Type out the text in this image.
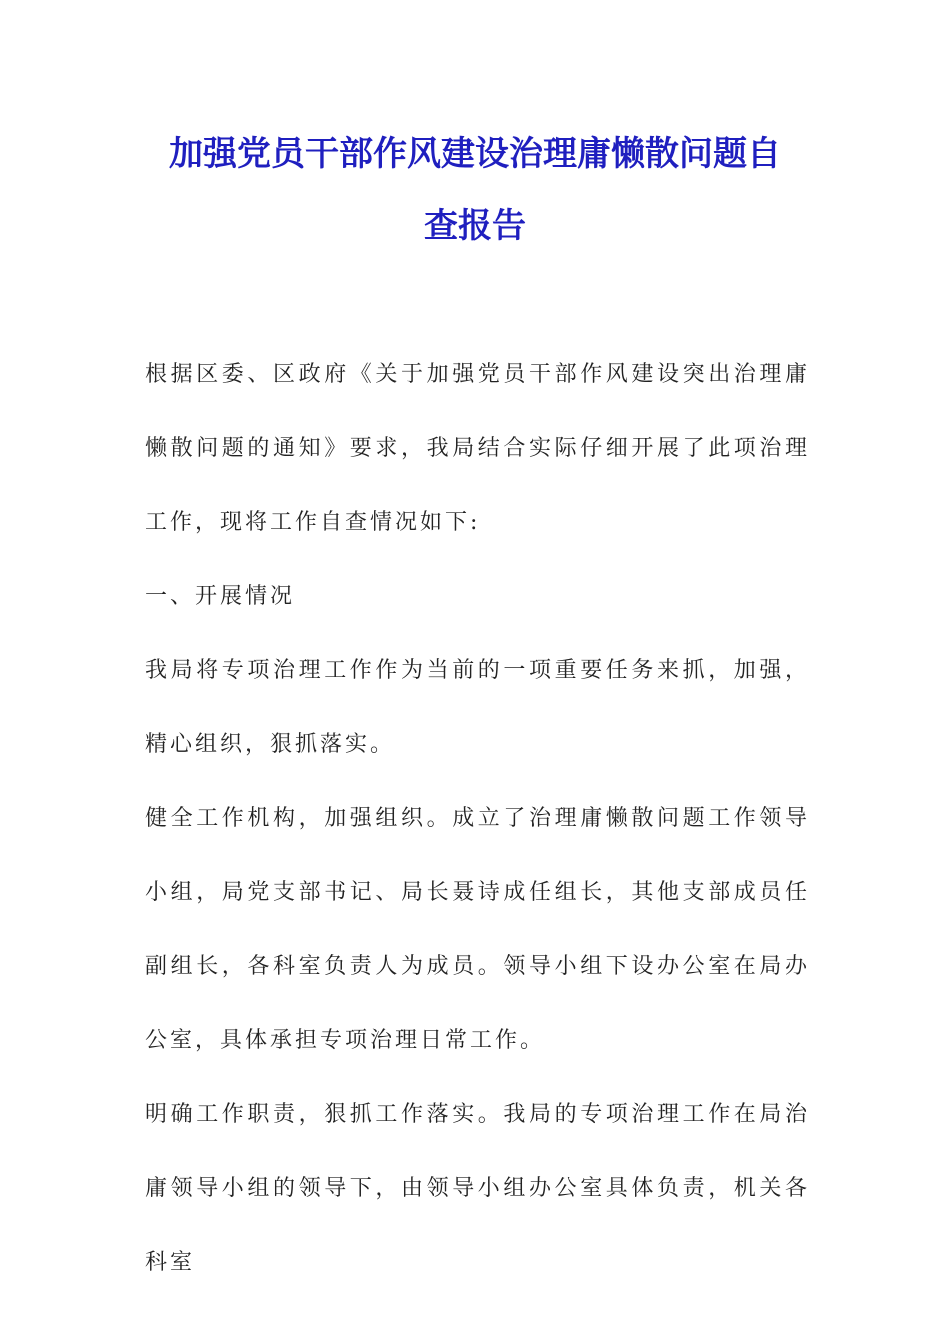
加强党员干部作风建设治理庸懒散问题自
查报告

根据区委、区政府《关于加强党员干部作风建设突出治理庸懒散问题的通知》要求，我局结合实际仔细开展了此项治理工作，现将工作自查情况如下:

一、开展情况

我局将专项治理工作作为当前的一项重要任务来抓，加强，精心组织，狠抓落实。

健全工作机构，加强组织。成立了治理庸懒散问题工作领导小组，局党支部书记、局长聂诗成任组长，其他支部成员任副组长，各科室负责人为成员。领导小组下设办公室在局办公室，具体承担专项治理日常工作。

明确工作职责，狠抓工作落实。我局的专项治理工作在局治庸领导小组的领导下，由领导小组办公室具体负责，机关各科室
